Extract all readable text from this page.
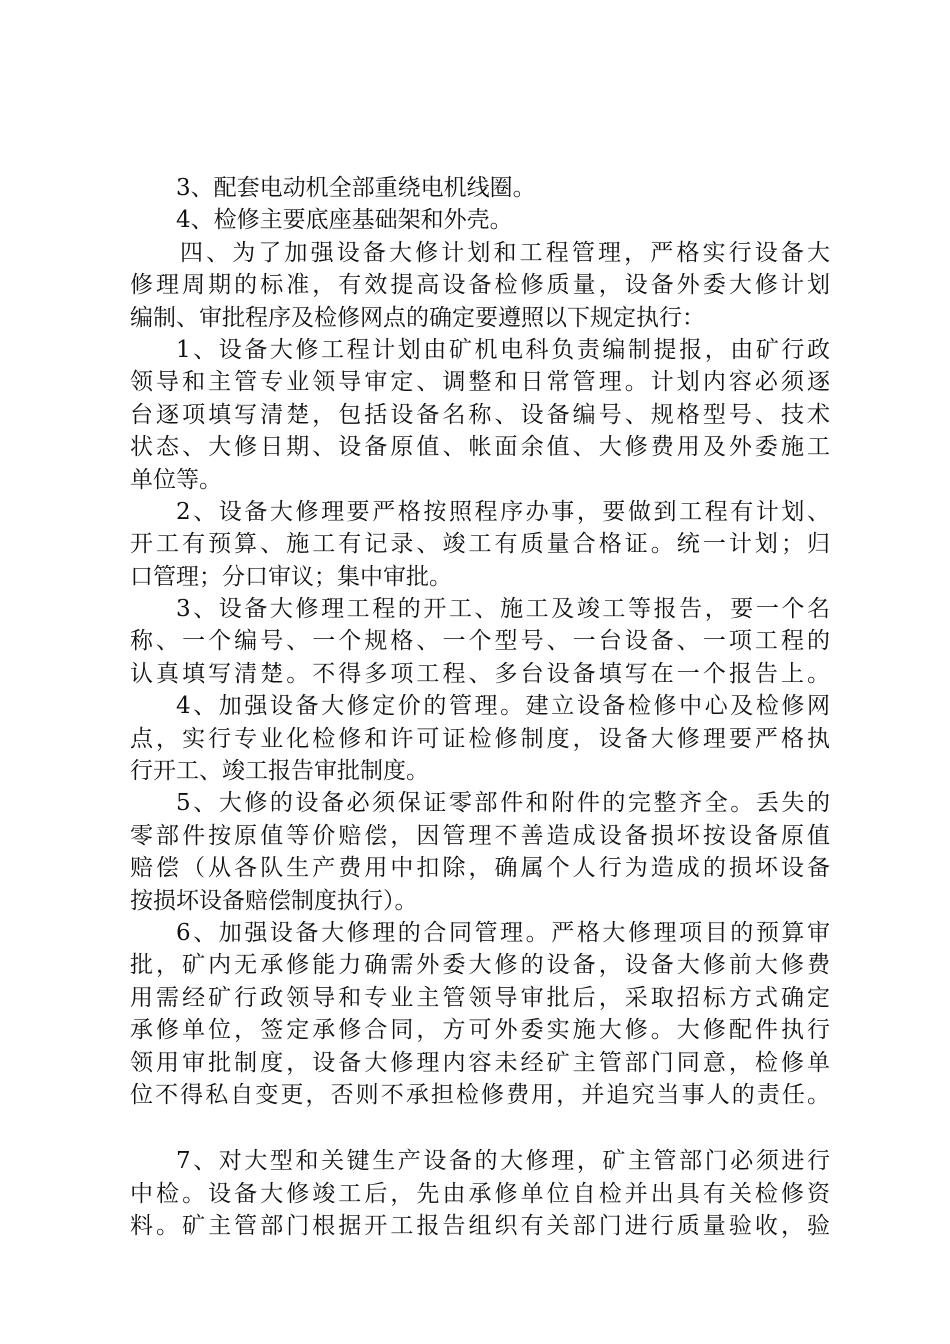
3、配套电动机全部重绕电机线圈。
4、检修主要底座基础架和外壳。
四、为了加强设备大修计划和工程管理，严格实行设备大
修理周期的标准，有效提高设备检修质量，设备外委大修计划
编制、审批程序及检修网点的确定要遵照以下规定执行：
1、设备大修工程计划由矿机电科负责编制提报，由矿行政
领导和主管专业领导审定、调整和日常管理。计划内容必须逐
台逐项填写清楚，包括设备名称、设备编号、规格型号、技术
状态、大修日期、设备原值、帐面余值、大修费用及外委施工
单位等。
2、设备大修理要严格按照程序办事，要做到工程有计划、
开工有预算、施工有记录、竣工有质量合格证。统一计划；归
口管理；分口审议；集中审批。
3、设备大修理工程的开工、施工及竣工等报告，要一个名
称、一个编号、一个规格、一个型号、一台设备、一项工程的
认真填写清楚。不得多项工程、多台设备填写在一个报告上。
4、加强设备大修定价的管理。建立设备检修中心及检修网
点，实行专业化检修和许可证检修制度，设备大修理要严格执
行开工、竣工报告审批制度。
5、大修的设备必须保证零部件和附件的完整齐全。丢失的
零部件按原值等价赔偿，因管理不善造成设备损坏按设备原值
赔偿（从各队生产费用中扣除，确属个人行为造成的损坏设备
按损坏设备赔偿制度执行）。
6、加强设备大修理的合同管理。严格大修理项目的预算审
批，矿内无承修能力确需外委大修的设备，设备大修前大修费
用需经矿行政领导和专业主管领导审批后，采取招标方式确定
承修单位，签定承修合同，方可外委实施大修。大修配件执行
领用审批制度，设备大修理内容未经矿主管部门同意，检修单
位不得私自变更，否则不承担检修费用，并追究当事人的责任。
7、对大型和关键生产设备的大修理，矿主管部门必须进行
中检。设备大修竣工后，先由承修单位自检并出具有关检修资
料。矿主管部门根据开工报告组织有关部门进行质量验收，验
